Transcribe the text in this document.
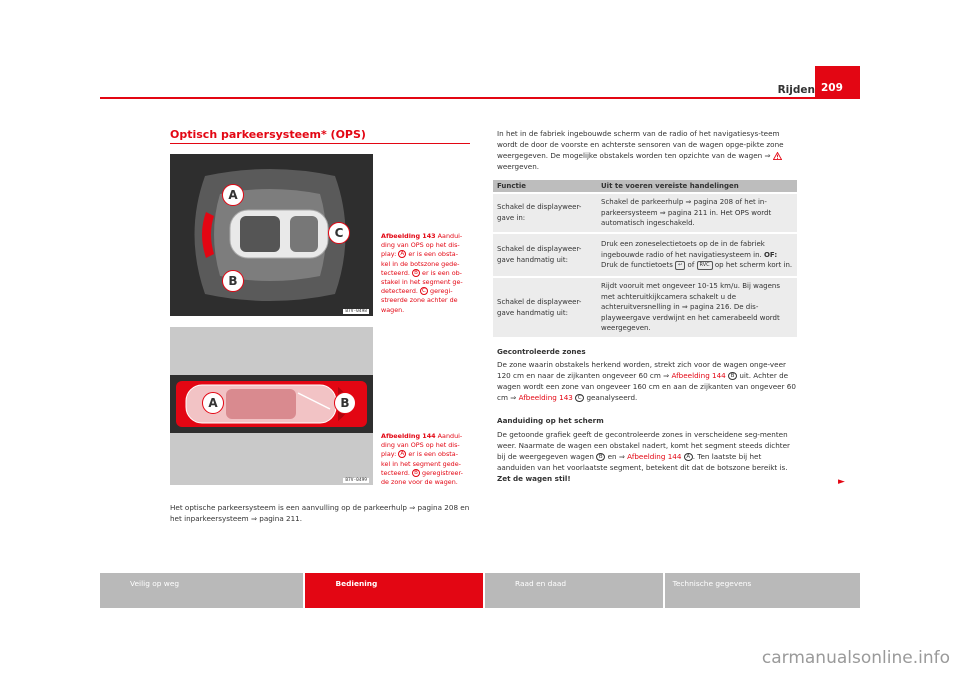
Rijden 209
Optisch parkeersysteem* (OPS)
A
B
C
B7V-0498
Afbeelding 143 Aandui-
ding van OPS op het dis-
play: A er is een obsta-
kel in de botszone gede-
tecteerd. B er is een ob-
stakel in het segment ge-
detecteerd. C geregi-
streerde zone achter de
wagen.
A	B
B7V-0499
Afbeelding 144 Aandui-
ding van OPS op het dis-
play: A er is een obsta-
kel in het segment gede-
tecteerd. B geregistreer-
de zone voor de wagen.
Het optische parkeersysteem is een aanvulling op de parkeerhulp ⇒ pagina 208 en het inparkeersysteem ⇒ pagina 211.
In het in de fabriek ingebouwde scherm van de radio of het navigatiesys-teem wordt de door de voorste en achterste sensoren van de wagen opge-pikte zone weergegeven. De mogelijke obstakels worden ten opzichte van de wagen ⇒  weergeven.
Functie	Uit te voeren vereiste handelingen
Schakel de displayweer-gave in:	Schakel de parkeerhulp ⇒ pagina 208 of het in-parkeersysteem ⇒ pagina 211 in. Het OPS wordt automatisch ingeschakeld.
Schakel de displayweer-gave handmatig uit:	Druk een zoneselectietoets op de in de fabriek ingebouwde radio of het navigatiesysteem in. OF: Druk de functietoets ↩ of RVC op het scherm kort in.
Schakel de displayweer-gave handmatig uit:	Rijdt vooruit met ongeveer 10-15 km/u. Bij wagens met achteruitkijkcamera schakelt u de achteruitversnelling in ⇒ pagina 216. De dis-playweergave verdwijnt en het camerabeeld wordt weergegeven.
Gecontroleerde zones
De zone waarin obstakels herkend worden, strekt zich voor de wagen onge-veer 120 cm en naar de zijkanten ongeveer 60 cm ⇒ Afbeelding 144 B uit. Achter de wagen wordt een zone van ongeveer 160 cm en aan de zijkanten van ongeveer 60 cm ⇒ Afbeelding 143 C geanalyseerd.
Aanduiding op het scherm
De getoonde grafiek geeft de gecontroleerde zones in verscheidene seg-menten weer. Naarmate de wagen een obstakel nadert, komt het segment steeds dichter bij de weergegeven wagen B en ⇒ Afbeelding 144 A . Ten laatste bij het aanduiden van het voorlaatste segment, betekent dit dat de botszone bereikt is. Zet de wagen stil!	►
Veilig op weg	Bediening	Raad en daad	Technische gegevens
carmanualsonline.info
